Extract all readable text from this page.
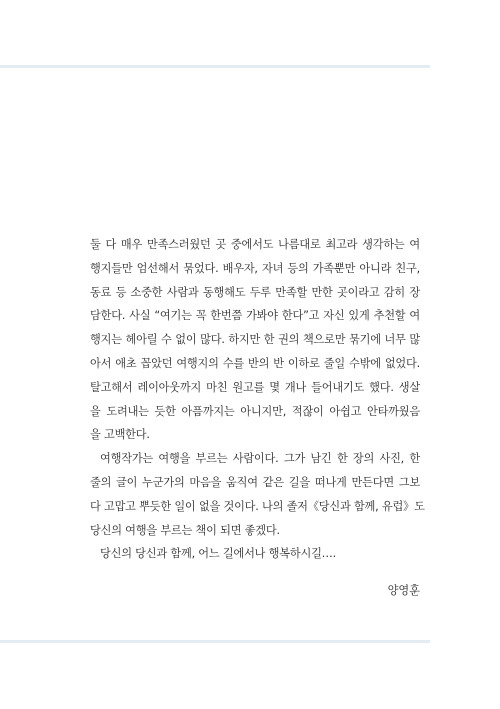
둘 다 매우 만족스러웠던 곳 중에서도 나름대로 최고라 생각하는 여
행지들만 엄선해서 묶었다. 배우자, 자녀 등의 가족뿐만 아니라 친구,
동료 등 소중한 사람과 동행해도 두루 만족할 만한 곳이라고 감히 장
담한다. 사실 “여기는 꼭 한번쯤 가봐야 한다”고 자신 있게 추천할 여
행지는 헤아릴 수 없이 많다. 하지만 한 권의 책으로만 묶기에 너무 많
아서 애초 꼽았던 여행지의 수를 반의 반 이하로 줄일 수밖에 없었다.
탈고해서 레이아웃까지 마친 원고를 몇 개나 들어내기도 했다. 생살
을 도려내는 듯한 아픔까지는 아니지만, 적잖이 아쉽고 안타까웠음
을 고백한다.
여행작가는 여행을 부르는 사람이다. 그가 남긴 한 장의 사진, 한
줄의 글이 누군가의 마음을 움직여 같은 길을 떠나게 만든다면 그보
다 고맙고 뿌듯한 일이 없을 것이다. 나의 졸저《당신과 함께, 유럽》도
당신의 여행을 부르는 책이 되면 좋겠다.
당신의 당신과 함께, 어느 길에서나 행복하시길….
양영훈
